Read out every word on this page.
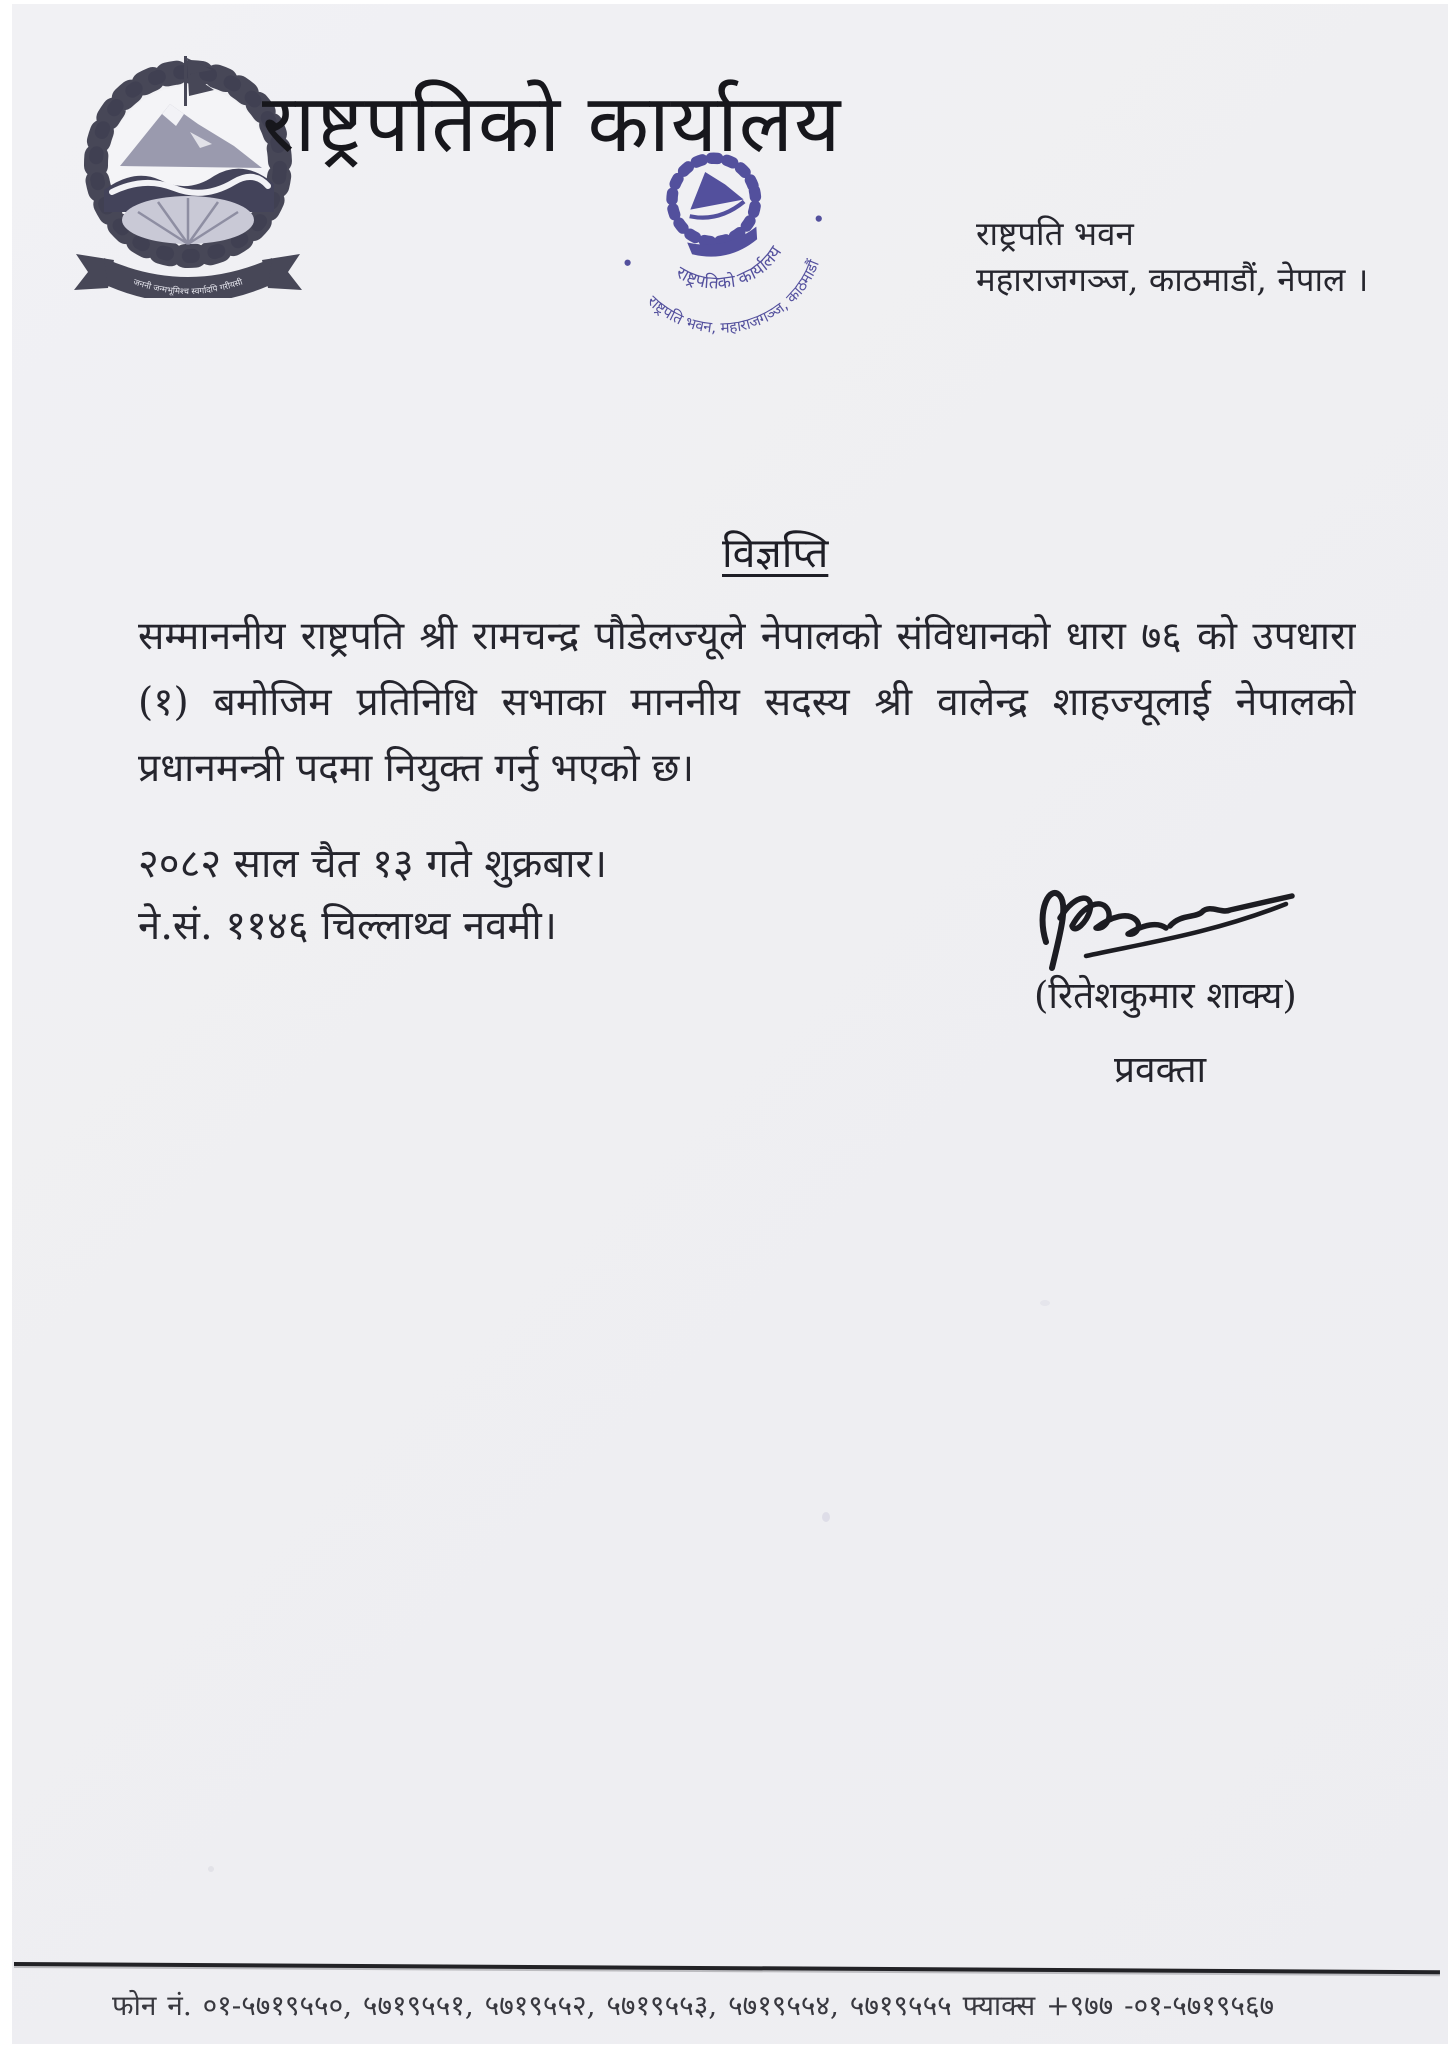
जननी जन्मभूमिश्च स्वर्गादपि गरीयसी
राष्ट्रपतिको कार्यालय
राष्ट्रपतिको कार्यालय
राष्ट्रपति भवन, महाराजगञ्ज, काठमाडौं
राष्ट्रपति भवन
महाराजगञ्ज, काठमाडौं, नेपाल ।
विज्ञप्ति
सम्माननीय राष्ट्रपति श्री रामचन्द्र पौडेलज्यूले नेपालको संविधानको धारा ७६ को उपधारा
(१) बमोजिम प्रतिनिधि सभाका माननीय सदस्य श्री वालेन्द्र शाहज्यूलाई नेपालको
प्रधानमन्त्री पदमा नियुक्त गर्नु भएको छ।
२०८२ साल चैत १३ गते शुक्रबार।
ने.सं. ११४६ चिल्लाथ्व नवमी।
(रितेशकुमार शाक्य)
प्रवक्ता
फोन नं. ०१-५७१९५५०, ५७१९५५१, ५७१९५५२, ५७१९५५३, ५७१९५५४, ५७१९५५५ फ्याक्स +९७७ -०१-५७१९५६७
